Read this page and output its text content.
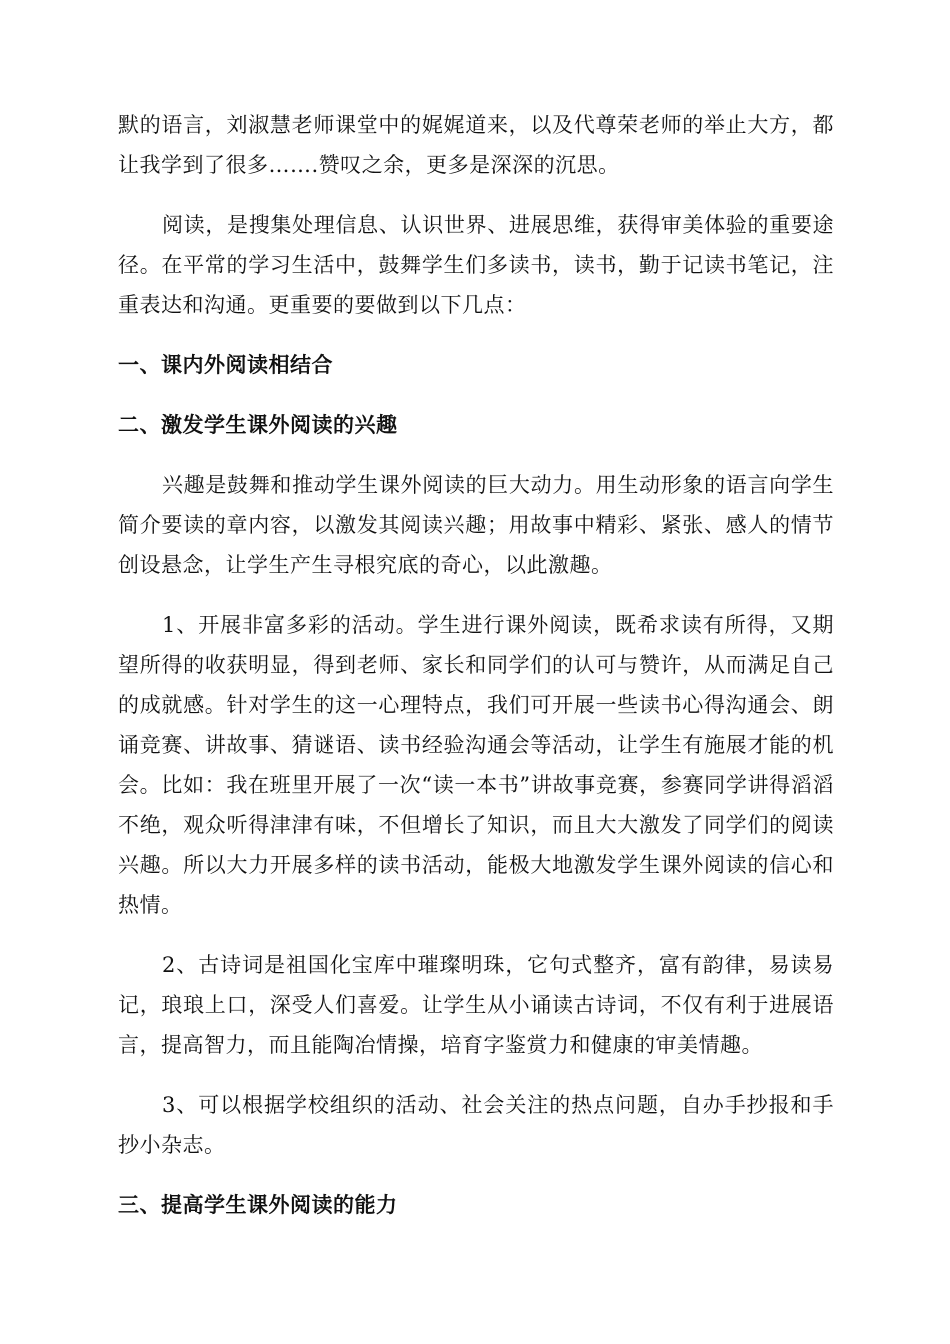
默的语言，刘淑慧老师课堂中的娓娓道来，以及代尊荣老师的举止大方，都让我学到了很多…….赞叹之余，更多是深深的沉思。

阅读，是搜集处理信息、认识世界、进展思维，获得审美体验的重要途径。在平常的学习生活中，鼓舞学生们多读书，读书，勤于记读书笔记，注重表达和沟通。更重要的要做到以下几点：

一、课内外阅读相结合

二、激发学生课外阅读的兴趣

兴趣是鼓舞和推动学生课外阅读的巨大动力。用生动形象的语言向学生简介要读的章内容，以激发其阅读兴趣；用故事中精彩、紧张、感人的情节创设悬念，让学生产生寻根究底的奇心，以此激趣。

1、开展非富多彩的活动。学生进行课外阅读，既希求读有所得，又期望所得的收获明显，得到老师、家长和同学们的认可与赞许，从而满足自己的成就感。针对学生的这一心理特点，我们可开展一些读书心得沟通会、朗诵竞赛、讲故事、猜谜语、读书经验沟通会等活动，让学生有施展才能的机会。比如：我在班里开展了一次“读一本书”讲故事竞赛，参赛同学讲得滔滔不绝，观众听得津津有味，不但增长了知识，而且大大激发了同学们的阅读兴趣。所以大力开展多样的读书活动，能极大地激发学生课外阅读的信心和热情。

2、古诗词是祖国化宝库中璀璨明珠，它句式整齐，富有韵律，易读易记，琅琅上口，深受人们喜爱。让学生从小诵读古诗词，不仅有利于进展语言，提高智力，而且能陶冶情操，培育字鉴赏力和健康的审美情趣。

3、可以根据学校组织的活动、社会关注的热点问题，自办手抄报和手抄小杂志。

三、提高学生课外阅读的能力
